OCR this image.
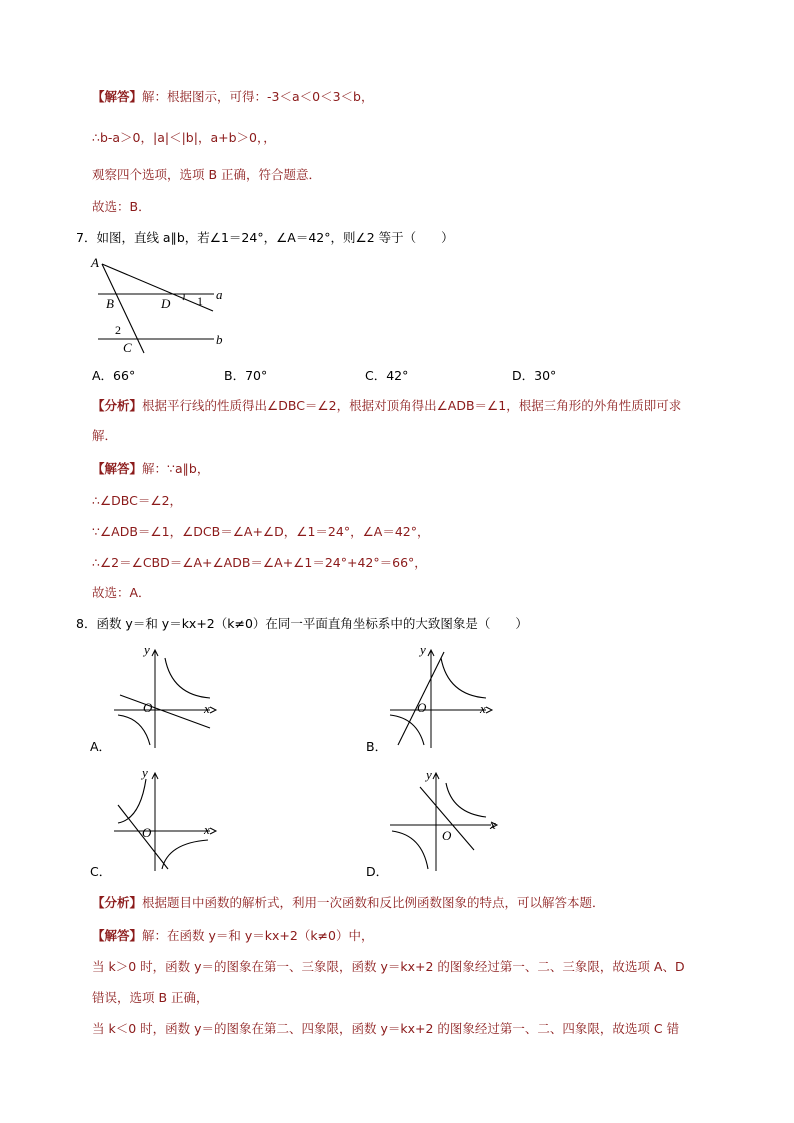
【解答】解：根据图示，可得：-3＜a＜0＜3＜b，
∴b-a＞0，|a|＜|b|，a+b＞0，，
观察四个选项，选项 B 正确，符合题意．
故选：B．
7．如图，直线 a∥b，若∠1＝24°，∠A＝42°，则∠2 等于（　　）
A
B	D 1 a
2
C
b
A．66°	B．70°	C．42°	D．30°
【分析】根据平行线的性质得出∠DBC＝∠2，根据对顶角得出∠ADB＝∠1，根据三角形的外角性质即可求
解．
【解答】解：∵a∥b，
∴∠DBC＝∠2，
∵∠ADB＝∠1，∠DCB＝∠A+∠D，∠1＝24°，∠A＝42°，
∴∠2＝∠CBD＝∠A+∠ADB＝∠A+∠1＝24°+42°＝66°，
故选：A．
8．函数 y＝和 y＝kx+2（k≠0）在同一平面直角坐标系中的大致图象是（　　）
y
x
O
A．
y
x
O
B．
y
x
O
C．
y
x
O
D．
【分析】根据题目中函数的解析式，利用一次函数和反比例函数图象的特点，可以解答本题．
【解答】解：在函数 y＝和 y＝kx+2（k≠0）中，
当 k＞0 时，函数 y＝的图象在第一、三象限，函数 y＝kx+2 的图象经过第一、二、三象限，故选项 A、D
错误，选项 B 正确，
当 k＜0 时，函数 y＝的图象在第二、四象限，函数 y＝kx+2 的图象经过第一、二、四象限，故选项 C 错
